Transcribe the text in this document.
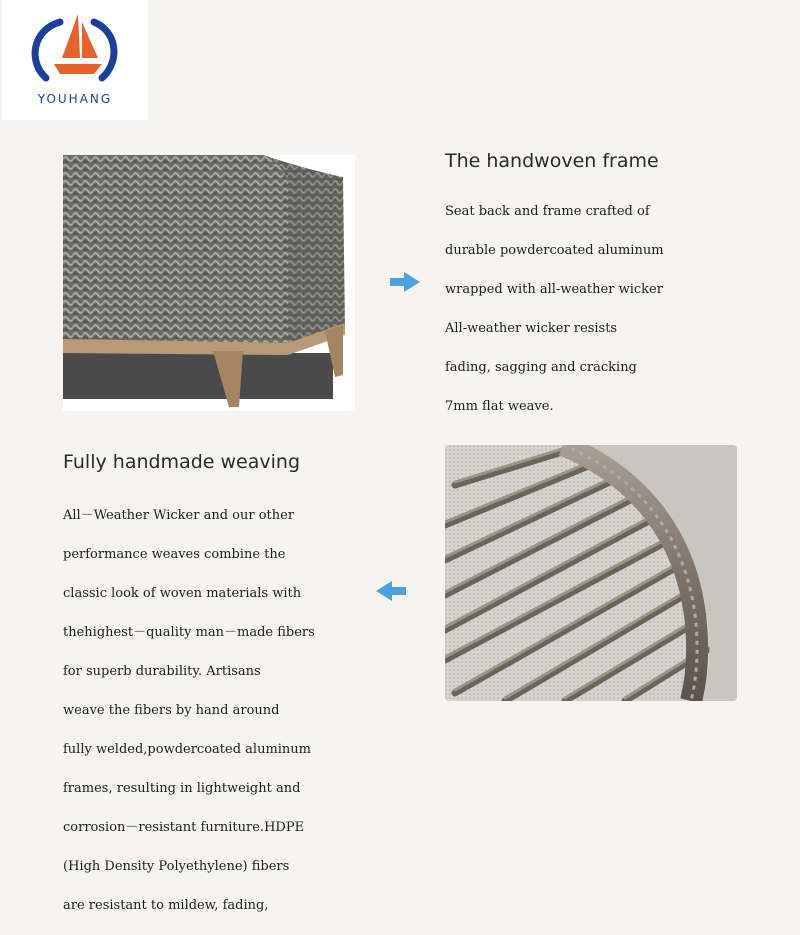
YOUHANG
The handwoven frame

Seat back and frame crafted of

durable powdercoated aluminum

wrapped with all-weather wicker

All-weather wicker resists

fading, sagging and cracking

7mm flat weave.

Fully handmade weaving

All－Weather Wicker and our other

performance weaves combine the

classic look of woven materials with

thehighest－quality man－made fibers

for superb durability. Artisans

weave the fibers by hand around

fully welded,powdercoated aluminum

frames, resulting in lightweight and

corrosion－resistant furniture.HDPE

(High Density Polyethylene) fibers

are resistant to mildew, fading,
